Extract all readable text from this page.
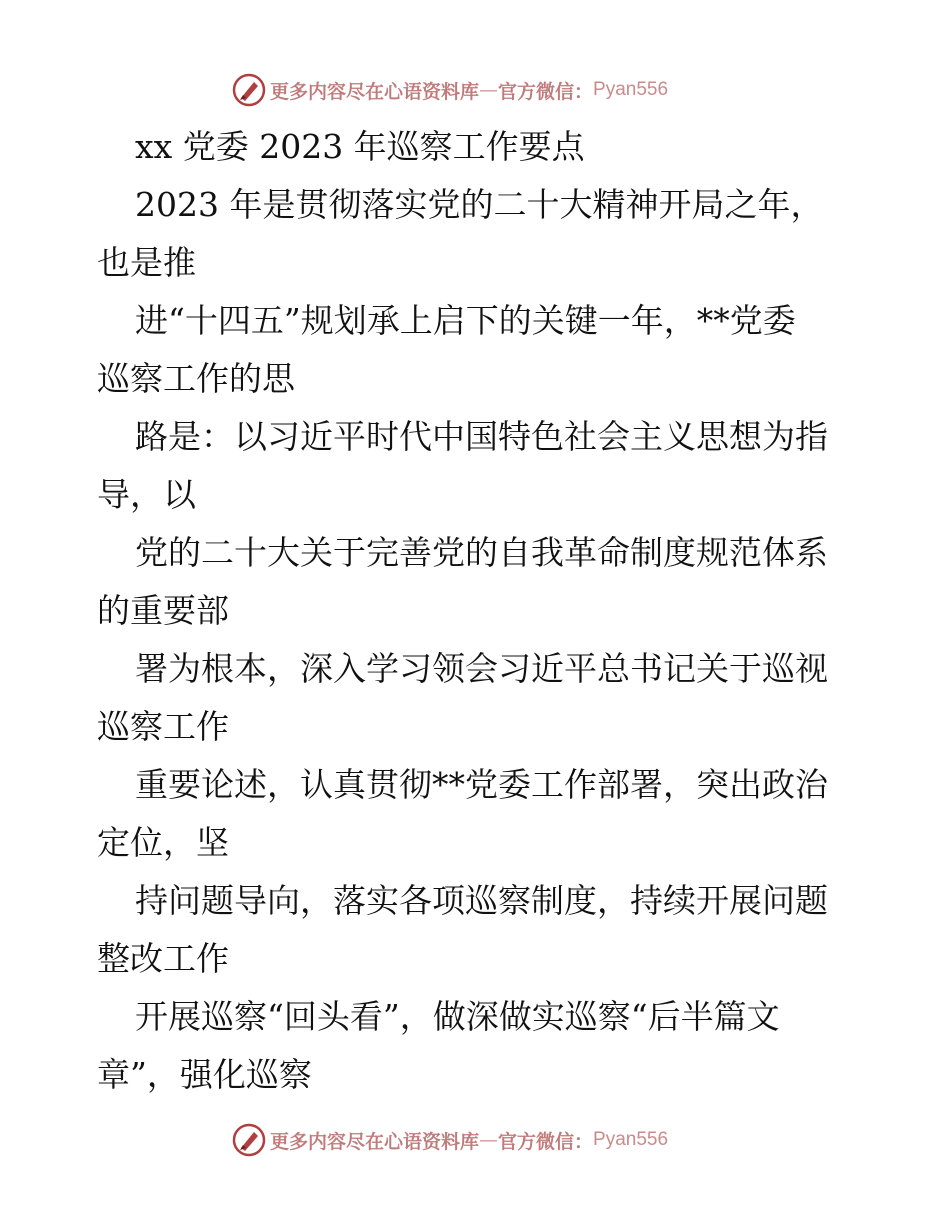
更多内容尽在心语资料库 — 官方微信： Pyan556
xx 党委 2023 年巡察工作要点
2023 年是贯彻落实党的二十大精神开局之年，
也是推
进“十四五”规划承上启下的关键一年，**党委
巡察工作的思
路是：以习近平时代中国特色社会主义思想为指
导，以
党的二十大关于完善党的自我革命制度规范体系
的重要部
署为根本，深入学习领会习近平总书记关于巡视
巡察工作
重要论述，认真贯彻**党委工作部署，突出政治
定位，坚
持问题导向，落实各项巡察制度，持续开展问题
整改工作
开展巡察“回头看”，做深做实巡察“后半篇文
章”，强化巡察
更多内容尽在心语资料库 — 官方微信： Pyan556
